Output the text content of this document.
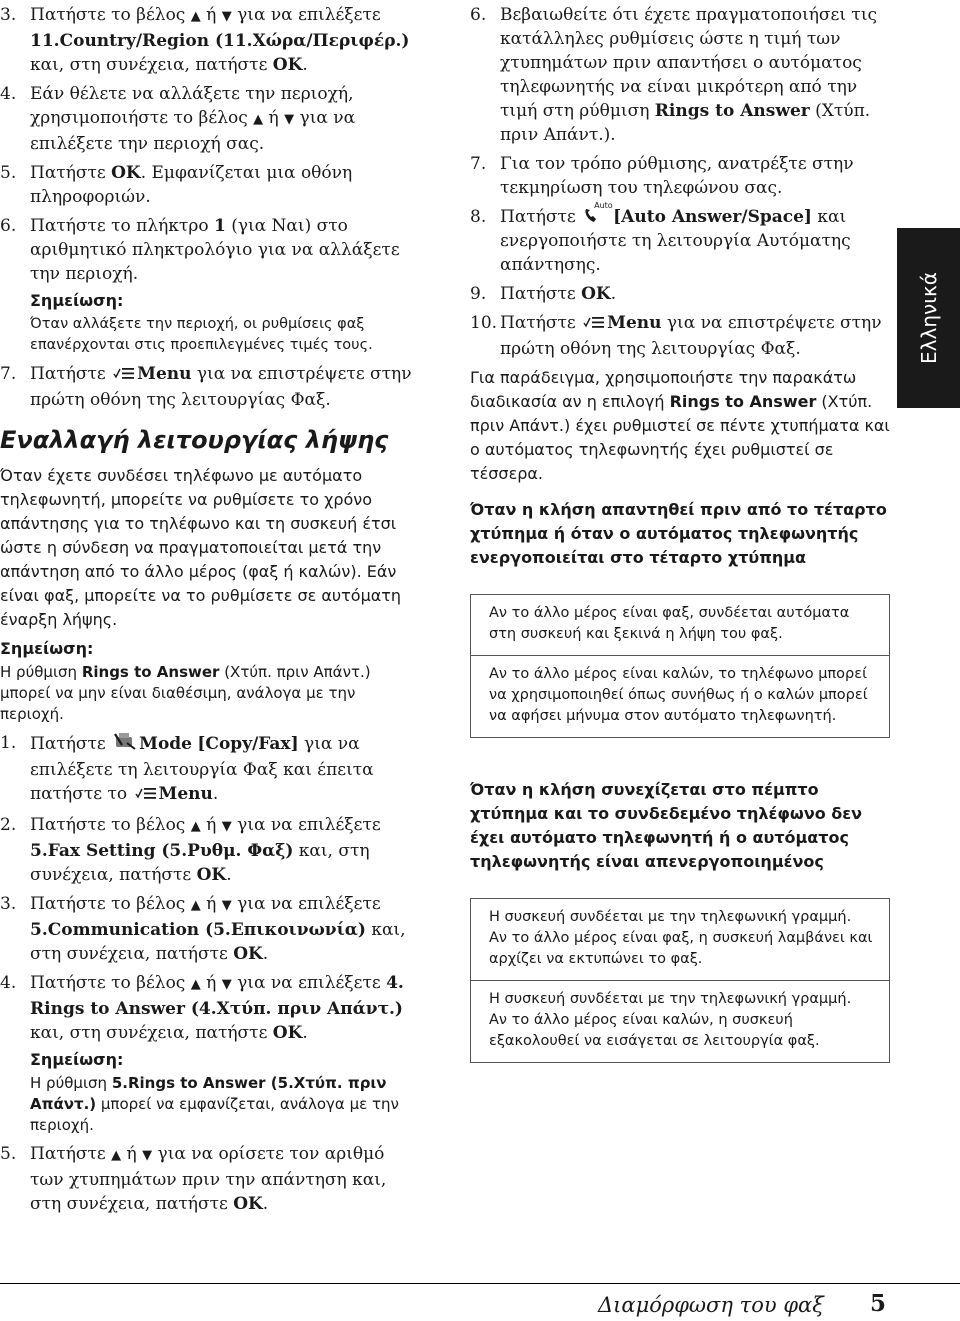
3. Πατήστε το βέλος ▲ ή ▼ για να επιλέξετε 11.Country/Region (11.Χώρα/Περιφέρ.) και, στη συνέχεια, πατήστε OK.
4. Εάν θέλετε να αλλάξετε την περιοχή, χρησιμοποιήστε το βέλος ▲ ή ▼ για να επιλέξετε την περιοχή σας.
5. Πατήστε OK. Εμφανίζεται μια οθόνη πληροφοριών.
6. Πατήστε το πλήκτρο 1 (για Ναι) στο αριθμητικό πληκτρολόγιο για να αλλάξετε την περιοχή.
Σημείωση:
Όταν αλλάξετε την περιοχή, οι ρυθμίσεις φαξ επανέρχονται στις προεπιλεγμένες τιμές τους.
7. Πατήστε Menu για να επιστρέψετε στην πρώτη οθόνη της λειτουργίας Φαξ.
Εναλλαγή λειτουργίας λήψης
Όταν έχετε συνδέσει τηλέφωνο με αυτόματο τηλεφωνητή, μπορείτε να ρυθμίσετε το χρόνο απάντησης για το τηλέφωνο και τη συσκευή έτσι ώστε η σύνδεση να πραγματοποιείται μετά την απάντηση από το άλλο μέρος (φαξ ή καλών). Εάν είναι φαξ, μπορείτε να το ρυθμίσετε σε αυτόματη έναρξη λήψης.
Σημείωση:
Η ρύθμιση Rings to Answer (Χτύπ. πριν Απάντ.) μπορεί να μην είναι διαθέσιμη, ανάλογα με την περιοχή.
1. Πατήστε Mode [Copy/Fax] για να επιλέξετε τη λειτουργία Φαξ και έπειτα πατήστε το Menu.
2. Πατήστε το βέλος ▲ ή ▼ για να επιλέξετε 5.Fax Setting (5.Ρυθμ. Φαξ) και, στη συνέχεια, πατήστε OK.
3. Πατήστε το βέλος ▲ ή ▼ για να επιλέξετε 5.Communication (5.Επικοινωνία) και, στη συνέχεια, πατήστε OK.
4. Πατήστε το βέλος ▲ ή ▼ για να επιλέξετε 4. Rings to Answer (4.Χτύπ. πριν Απάντ.) και, στη συνέχεια, πατήστε OK.
Σημείωση:
Η ρύθμιση 5.Rings to Answer (5.Χτύπ. πριν Απάντ.) μπορεί να εμφανίζεται, ανάλογα με την περιοχή.
5. Πατήστε ▲ ή ▼ για να ορίσετε τον αριθμό των χτυπημάτων πριν την απάντηση και, στη συνέχεια, πατήστε OK.
6. Βεβαιωθείτε ότι έχετε πραγματοποιήσει τις κατάλληλες ρυθμίσεις ώστε η τιμή των χτυπημάτων πριν απαντήσει ο αυτόματος τηλεφωνητής να είναι μικρότερη από την τιμή στη ρύθμιση Rings to Answer (Χτύπ. πριν Απάντ.).
7. Για τον τρόπο ρύθμισης, ανατρέξτε στην τεκμηρίωση του τηλεφώνου σας.
8. Πατήστε
Auto
[Auto Answer/Space] και ενεργοποιήστε τη λειτουργία Αυτόματης απάντησης.
9. Πατήστε OK.
10. Πατήστε Menu για να επιστρέψετε στην πρώτη οθόνη της λειτουργίας Φαξ.
Για παράδειγμα, χρησιμοποιήστε την παρακάτω διαδικασία αν η επιλογή Rings to Answer (Χτύπ. πριν Απάντ.) έχει ρυθμιστεί σε πέντε χτυπήματα και ο αυτόματος τηλεφωνητής έχει ρυθμιστεί σε τέσσερα.
Όταν η κλήση απαντηθεί πριν από το τέταρτο χτύπημα ή όταν ο αυτόματος τηλεφωνητής ενεργοποιείται στο τέταρτο χτύπημα
Αν το άλλο μέρος είναι φαξ, συνδέεται αυτόματα στη συσκευή και ξεκινά η λήψη του φαξ.
Αν το άλλο μέρος είναι καλών, το τηλέφωνο μπορεί να χρησιμοποιηθεί όπως συνήθως ή ο καλών μπορεί να αφήσει μήνυμα στον αυτόματο τηλεφωνητή.
Όταν η κλήση συνεχίζεται στο πέμπτο χτύπημα και το συνδεδεμένο τηλέφωνο δεν έχει αυτόματο τηλεφωνητή ή ο αυτόματος τηλεφωνητής είναι απενεργοποιημένος
Η συσκευή συνδέεται με την τηλεφωνική γραμμή. Αν το άλλο μέρος είναι φαξ, η συσκευή λαμβάνει και αρχίζει να εκτυπώνει το φαξ.
Η συσκευή συνδέεται με την τηλεφωνική γραμμή. Αν το άλλο μέρος είναι καλών, η συσκευή εξακολουθεί να εισάγεται σε λειτουργία φαξ.
Ελληνικά
Διαμόρφωση του φαξ 5
